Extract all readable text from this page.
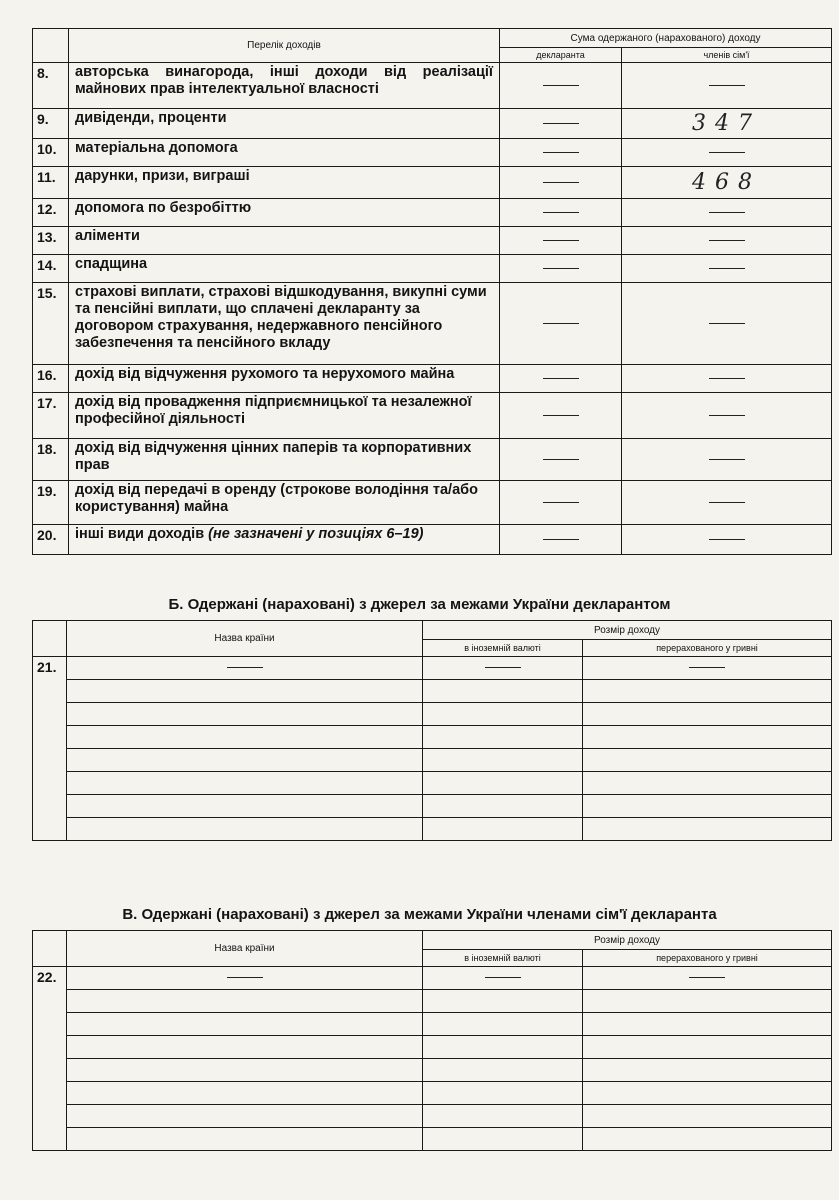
	Перелік доходів	Сума одержаного (нарахованого) доходу	
		декларанта	членів сім'ї
8.	авторська винагорода, інші доходи від реалізації майнових прав інтелектуальної власності		
9.	дивіденди, проценти		347
10.	матеріальна допомога		
11.	дарунки, призи, виграші		468
12.	допомога по безробіттю		
13.	аліменти		
14.	спадщина		
15.	страхові виплати, страхові відшкодування, викупні суми та пенсійні виплати, що сплачені декларанту за договором страхування, недержавного пенсійного забезпечення та пенсійного вкладу		
16.	дохід від відчуження рухомого та нерухомого майна		
17.	дохід від провадження підприємницької та незалежної професійної діяльності		
18.	дохід від відчуження цінних паперів та корпоративних прав		
19.	дохід від передачі в оренду (строкове володіння та/або користування) майна		
20.	інші види доходів (не зазначені у позиціях 6–19)		
Б. Одержані (нараховані) з джерел за межами України декларантом
	Назва країни	Розмір доходу	
		в іноземній валюті	перерахованого у гривні
21.			

В. Одержані (нараховані) з джерел за межами України членами сім'ї декларанта
	Назва країни	Розмір доходу	
		в іноземній валюті	перерахованого у гривні
22.			
